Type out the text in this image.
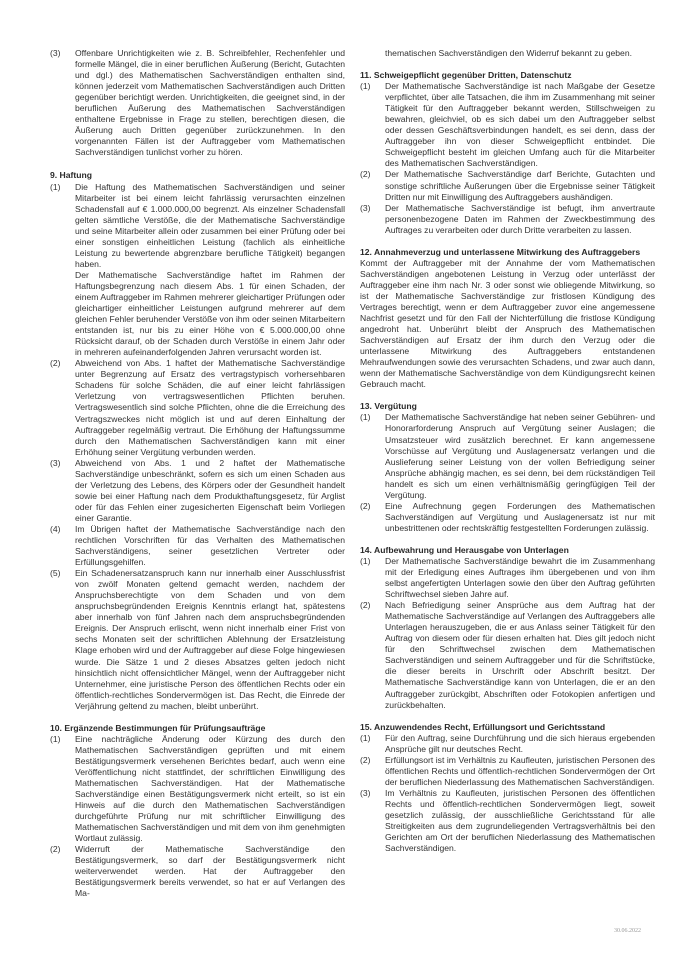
(3)	Offenbare Unrichtigkeiten wie z. B. Schreibfehler, Rechenfehler und formelle Mängel, die in einer beruflichen Äußerung (Bericht, Gutachten und dgl.) des Mathematischen Sachverständigen enthalten sind, können jederzeit vom Mathematischen Sachverständigen auch Dritten gegenüber berichtigt werden. Unrichtigkeiten, die geeignet sind, in der beruflichen Äußerung des Mathematischen Sachverständigen enthaltene Ergebnisse in Frage zu stellen, berechtigen diesen, die Äußerung auch Dritten gegenüber zurückzunehmen. In den vorgenannten Fällen ist der Auftraggeber vom Mathematischen Sachverständigen tunlichst vorher zu hören.
9. Haftung
(1)	Die Haftung des Mathematischen Sachverständigen und seiner Mitarbeiter ist bei einem leicht fahrlässig verursachten einzelnen Schadensfall auf € 1.000.000,00 begrenzt. Als einzelner Schadensfall gelten sämtliche Verstöße, die der Mathematische Sachverständige und seine Mitarbeiter allein oder zusammen bei einer Prüfung oder bei einer sonstigen einheitlichen Leistung (fachlich als einheitliche Leistung zu bewertende abgrenzbare berufliche Tätigkeit) begangen haben.
Der Mathematische Sachverständige haftet im Rahmen der Haftungsbegrenzung nach diesem Abs. 1 für einen Schaden, der einem Auftraggeber im Rahmen mehrerer gleichartiger Prüfungen oder gleichartiger einheitlicher Leistungen aufgrund mehrerer auf dem gleichen Fehler beruhender Verstöße von ihm oder seinen Mitarbeitern entstanden ist, nur bis zu einer Höhe von € 5.000.000,00 ohne Rücksicht darauf, ob der Schaden durch Verstöße in einem Jahr oder in mehreren aufeinanderfolgenden Jahren verursacht worden ist.
(2)	Abweichend von Abs. 1 haftet der Mathematische Sachverständige unter Begrenzung auf Ersatz des vertragstypisch vorhersehbaren Schadens für solche Schäden, die auf einer leicht fahrlässigen Verletzung von vertragswesentlichen Pflichten beruhen. Vertragswesentlich sind solche Pflichten, ohne die die Erreichung des Vertragszweckes nicht möglich ist und auf deren Einhaltung der Auftraggeber regelmäßig vertraut. Die Erhöhung der Haftungssumme durch den Mathematischen Sachverständigen kann mit einer Erhöhung seiner Vergütung verbunden werden.
(3)	Abweichend von Abs. 1 und 2 haftet der Mathematische Sachverständige unbeschränkt, sofern es sich um einen Schaden aus der Verletzung des Lebens, des Körpers oder der Gesundheit handelt sowie bei einer Haftung nach dem Produkthaftungsgesetz, für Arglist oder für das Fehlen einer zugesicherten Eigenschaft beim Vorliegen einer Garantie.
(4)	Im Übrigen haftet der Mathematische Sachverständige nach den rechtlichen Vorschriften für das Verhalten des Mathematischen Sachverständigens, seiner gesetzlichen Vertreter oder Erfüllungsgehilfen.
(5)	Ein Schadenersatzanspruch kann nur innerhalb einer Ausschlussfrist von zwölf Monaten geltend gemacht werden, nachdem der Anspruchsberechtigte von dem Schaden und von dem anspruchsbegründenden Ereignis Kenntnis erlangt hat, spätestens aber innerhalb von fünf Jahren nach dem anspruchsbegründenden Ereignis. Der Anspruch erlischt, wenn nicht innerhalb einer Frist von sechs Monaten seit der schriftlichen Ablehnung der Ersatzleistung Klage erhoben wird und der Auftraggeber auf diese Folge hingewiesen wurde. Die Sätze 1 und 2 dieses Absatzes gelten jedoch nicht hinsichtlich nicht offensichtlicher Mängel, wenn der Auftraggeber nicht Unternehmer, eine juristische Person des öffentlichen Rechts oder ein öffentlich-rechtliches Sondervermögen ist. Das Recht, die Einrede der Verjährung geltend zu machen, bleibt unberührt.
10. Ergänzende Bestimmungen für Prüfungsaufträge
(1)	Eine nachträgliche Änderung oder Kürzung des durch den Mathematischen Sachverständigen geprüften und mit einem Bestätigungsvermerk versehenen Berichtes bedarf, auch wenn eine Veröffentlichung nicht stattfindet, der schriftlichen Einwilligung des Mathematischen Sachverständigen. Hat der Mathematische Sachverständige einen Bestätigungsvermerk nicht erteilt, so ist ein Hinweis auf die durch den Mathematischen Sachverständigen durchgeführte Prüfung nur mit schriftlicher Einwilligung des Mathematischen Sachverständigen und mit dem von ihm genehmigten Wortlaut zulässig.
(2)	Widerruft der Mathematische Sachverständige den Bestätigungsvermerk, so darf der Bestätigungsvermerk nicht weiterverwendet werden. Hat der Auftraggeber den Bestätigungsvermerk bereits verwendet, so hat er auf Verlangen des Ma-
thematischen Sachverständigen den Widerruf bekannt zu geben.
11. Schweigepflicht gegenüber Dritten, Datenschutz
(1)	Der Mathematische Sachverständige ist nach Maßgabe der Gesetze verpflichtet, über alle Tatsachen, die ihm im Zusammenhang mit seiner Tätigkeit für den Auftraggeber bekannt werden, Stillschweigen zu bewahren, gleichviel, ob es sich dabei um den Auftraggeber selbst oder dessen Geschäftsverbindungen handelt, es sei denn, dass der Auftraggeber ihn von dieser Schweigepflicht entbindet. Die Schweigepflicht besteht im gleichen Umfang auch für die Mitarbeiter des Mathematischen Sachverständigen.
(2)	Der Mathematische Sachverständige darf Berichte, Gutachten und sonstige schriftliche Äußerungen über die Ergebnisse seiner Tätigkeit Dritten nur mit Einwilligung des Auftraggebers aushändigen.
(3)	Der Mathematische Sachverständige ist befugt, ihm anvertraute personenbezogene Daten im Rahmen der Zweckbestimmung des Auftrages zu verarbeiten oder durch Dritte verarbeiten zu lassen.
12. Annahmeverzug und unterlassene Mitwirkung des Auftraggebers
Kommt der Auftraggeber mit der Annahme der vom Mathematischen Sachverständigen angebotenen Leistung in Verzug oder unterlässt der Auftraggeber eine ihm nach Nr. 3 oder sonst wie obliegende Mitwirkung, so ist der Mathematische Sachverständige zur fristlosen Kündigung des Vertrages berechtigt, wenn er dem Auftraggeber zuvor eine angemessene Nachfrist gesetzt und für den Fall der Nichterfüllung die fristlose Kündigung angedroht hat. Unberührt bleibt der Anspruch des Mathematischen Sachverständigen auf Ersatz der ihm durch den Verzug oder die unterlassene Mitwirkung des Auftraggebers entstandenen Mehraufwendungen sowie des verursachten Schadens, und zwar auch dann, wenn der Mathematische Sachverständige von dem Kündigungsrecht keinen Gebrauch macht.
13. Vergütung
(1)	Der Mathematische Sachverständige hat neben seiner Gebühren- und Honorarforderung Anspruch auf Vergütung seiner Auslagen; die Umsatzsteuer wird zusätzlich berechnet. Er kann angemessene Vorschüsse auf Vergütung und Auslagenersatz verlangen und die Auslieferung seiner Leistung von der vollen Befriedigung seiner Ansprüche abhängig machen, es sei denn, bei dem rückständigen Teil handelt es sich um einen verhältnismäßig geringfügigen Teil der Vergütung.
(2)	Eine Aufrechnung gegen Forderungen des Mathematischen Sachverständigen auf Vergütung und Auslagenersatz ist nur mit unbestrittenen oder rechtskräftig festgestellten Forderungen zulässig.
14. Aufbewahrung und Herausgabe von Unterlagen
(1)	Der Mathematische Sachverständige bewahrt die im Zusammenhang mit der Erledigung eines Auftrages ihm übergebenen und von ihm selbst angefertigten Unterlagen sowie den über den Auftrag geführten Schriftwechsel sieben Jahre auf.
(2)	Nach Befriedigung seiner Ansprüche aus dem Auftrag hat der Mathematische Sachverständige auf Verlangen des Auftraggebers alle Unterlagen herauszugeben, die er aus Anlass seiner Tätigkeit für den Auftrag von diesem oder für diesen erhalten hat. Dies gilt jedoch nicht für den Schriftwechsel zwischen dem Mathematischen Sachverständigen und seinem Auftraggeber und für die Schriftstücke, die dieser bereits in Urschrift oder Abschrift besitzt. Der Mathematische Sachverständige kann von Unterlagen, die er an den Auftraggeber zurückgibt, Abschriften oder Fotokopien anfertigen und zurückbehalten.
15. Anzuwendendes Recht, Erfüllungsort und Gerichtsstand
(1)	Für den Auftrag, seine Durchführung und die sich hieraus ergebenden Ansprüche gilt nur deutsches Recht.
(2)	Erfüllungsort ist im Verhältnis zu Kaufleuten, juristischen Personen des öffentlichen Rechts und öffentlich-rechtlichen Sondervermögen der Ort der beruflichen Niederlassung des Mathematischen Sachverständigen.
(3)	Im Verhältnis zu Kaufleuten, juristischen Personen des öffentlichen Rechts und öffentlich-rechtlichen Sondervermögen liegt, soweit gesetzlich zulässig, der ausschließliche Gerichtsstand für alle Streitigkeiten aus dem zugrundeliegenden Vertragsverhältnis bei den Gerichten am Ort der beruflichen Niederlassung des Mathematischen Sachverständigen.
30.06.2022
